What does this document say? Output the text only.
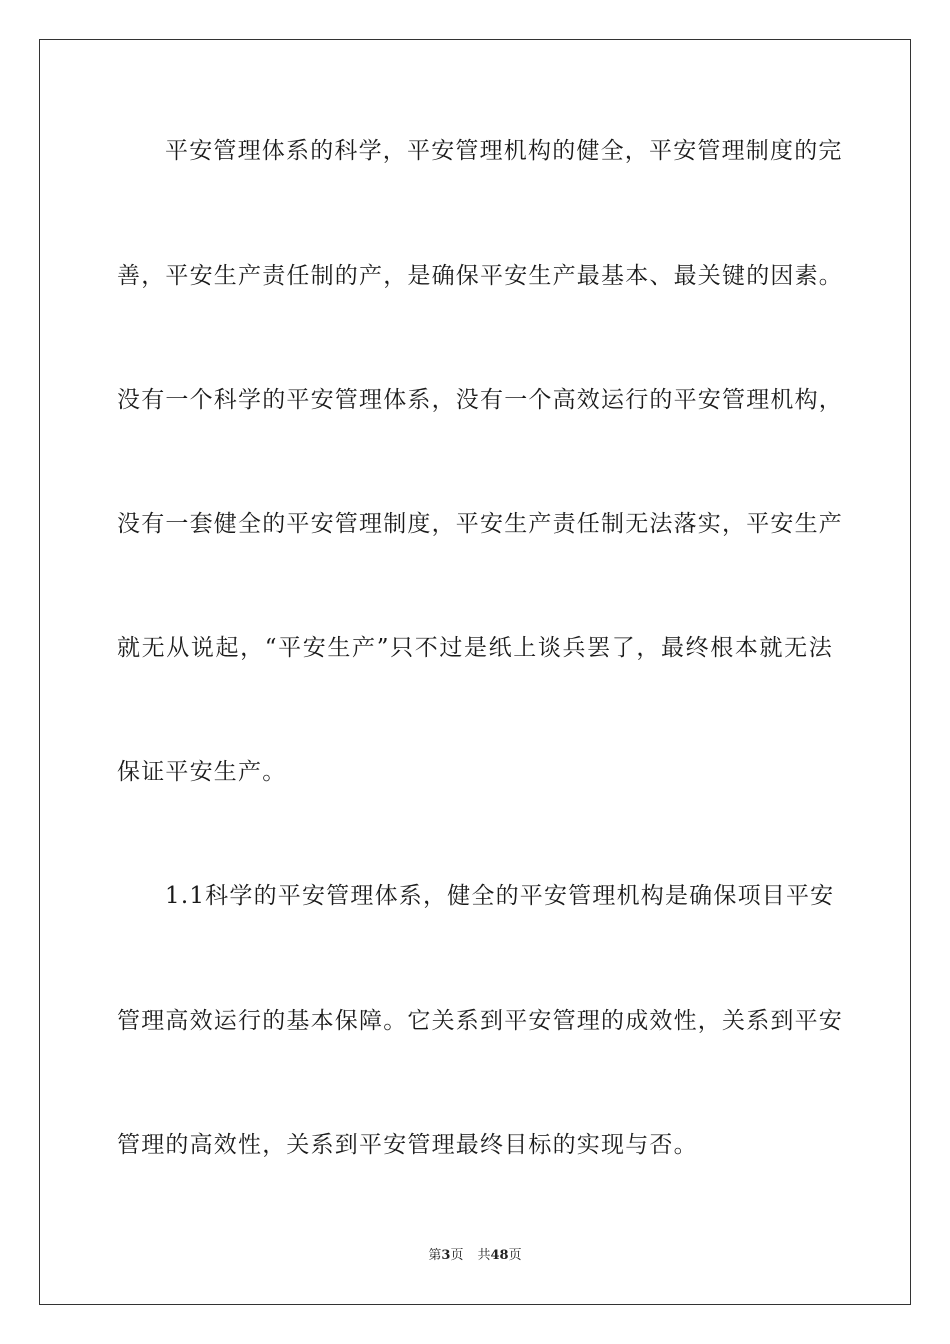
平安管理体系的科学，平安管理机构的健全，平安管理制度的完
善，平安生产责任制的产，是确保平安生产最基本、最关键的因素。
没有一个科学的平安管理体系，没有一个高效运行的平安管理机构，
没有一套健全的平安管理制度，平安生产责任制无法落实，平安生产
就无从说起，“平安生产”只不过是纸上谈兵罢了，最终根本就无法
保证平安生产。
1.1科学的平安管理体系，健全的平安管理机构是确保项目平安
管理高效运行的基本保障。它关系到平安管理的成效性，关系到平安
管理的高效性，关系到平安管理最终目标的实现与否。
第3页 共48页
